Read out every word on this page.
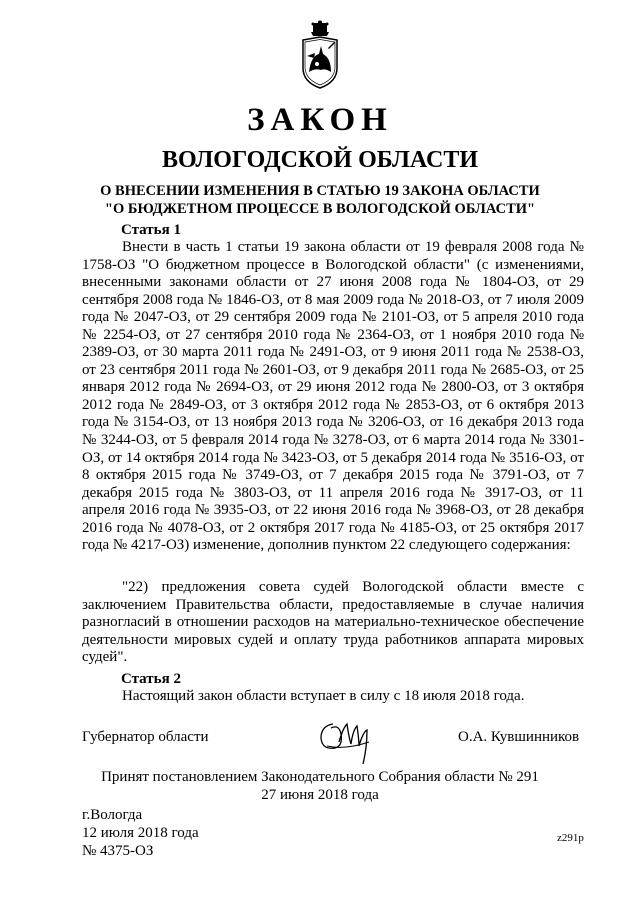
ЗАКОН
ВОЛОГОДСКОЙ ОБЛАСТИ
О ВНЕСЕНИИ ИЗМЕНЕНИЯ В СТАТЬЮ 19 ЗАКОНА ОБЛАСТИ
"О БЮДЖЕТНОМ ПРОЦЕССЕ В ВОЛОГОДСКОЙ ОБЛАСТИ"
Статья 1

Внести в часть 1 статьи 19 закона области от 19 февраля 2008 года № 1758-ОЗ "О бюджетном процессе в Вологодской области" (с изменениями, внесенными законами области от 27 июня 2008 года № 1804-ОЗ, от 29 сентября 2008 года № 1846-ОЗ, от 8 мая 2009 года № 2018-ОЗ, от 7 июля 2009 года № 2047-ОЗ, от 29 сентября 2009 года № 2101-ОЗ, от 5 апреля 2010 года № 2254-ОЗ, от 27 сентября 2010 года № 2364-ОЗ, от 1 ноября 2010 года № 2389-ОЗ, от 30 марта 2011 года № 2491-ОЗ, от 9 июня 2011 года № 2538-ОЗ, от 23 сентября 2011 года № 2601-ОЗ, от 9 декабря 2011 года № 2685-ОЗ, от 25 января 2012 года № 2694-ОЗ, от 29 июня 2012 года № 2800-ОЗ, от 3 октября 2012 года № 2849-ОЗ, от 3 октября 2012 года № 2853-ОЗ, от 6 октября 2013 года № 3154-ОЗ, от 13 ноября 2013 года № 3206-ОЗ, от 16 декабря 2013 года № 3244-ОЗ, от 5 февраля 2014 года № 3278-ОЗ, от 6 марта 2014 года № 3301-ОЗ, от 14 октября 2014 года № 3423-ОЗ, от 5 декабря 2014 года № 3516-ОЗ, от 8 октября 2015 года № 3749-ОЗ, от 7 декабря 2015 года № 3791-ОЗ, от 7 декабря 2015 года № 3803-ОЗ, от 11 апреля 2016 года № 3917-ОЗ, от 11 апреля 2016 года № 3935-ОЗ, от 22 июня 2016 года № 3968-ОЗ, от 28 декабря 2016 года № 4078-ОЗ, от 2 октября 2017 года № 4185-ОЗ, от 25 октября 2017 года № 4217-ОЗ) изменение, дополнив пунктом 22 следующего содержания:

"22) предложения совета судей Вологодской области вместе с заключением Правительства области, предоставляемые в случае наличия разногласий в отношении расходов на материально-техническое обеспечение деятельности мировых судей и оплату труда работников аппарата мировых судей".

Статья 2

Настоящий закон области вступает в силу с 18 июля 2018 года.

Губернатор области	О.А. Кувшинников
Принят постановлением Законодательного Собрания области № 291
27 июня 2018 года
г.Вологда
12 июля 2018 года
№ 4375-ОЗ
z291p
